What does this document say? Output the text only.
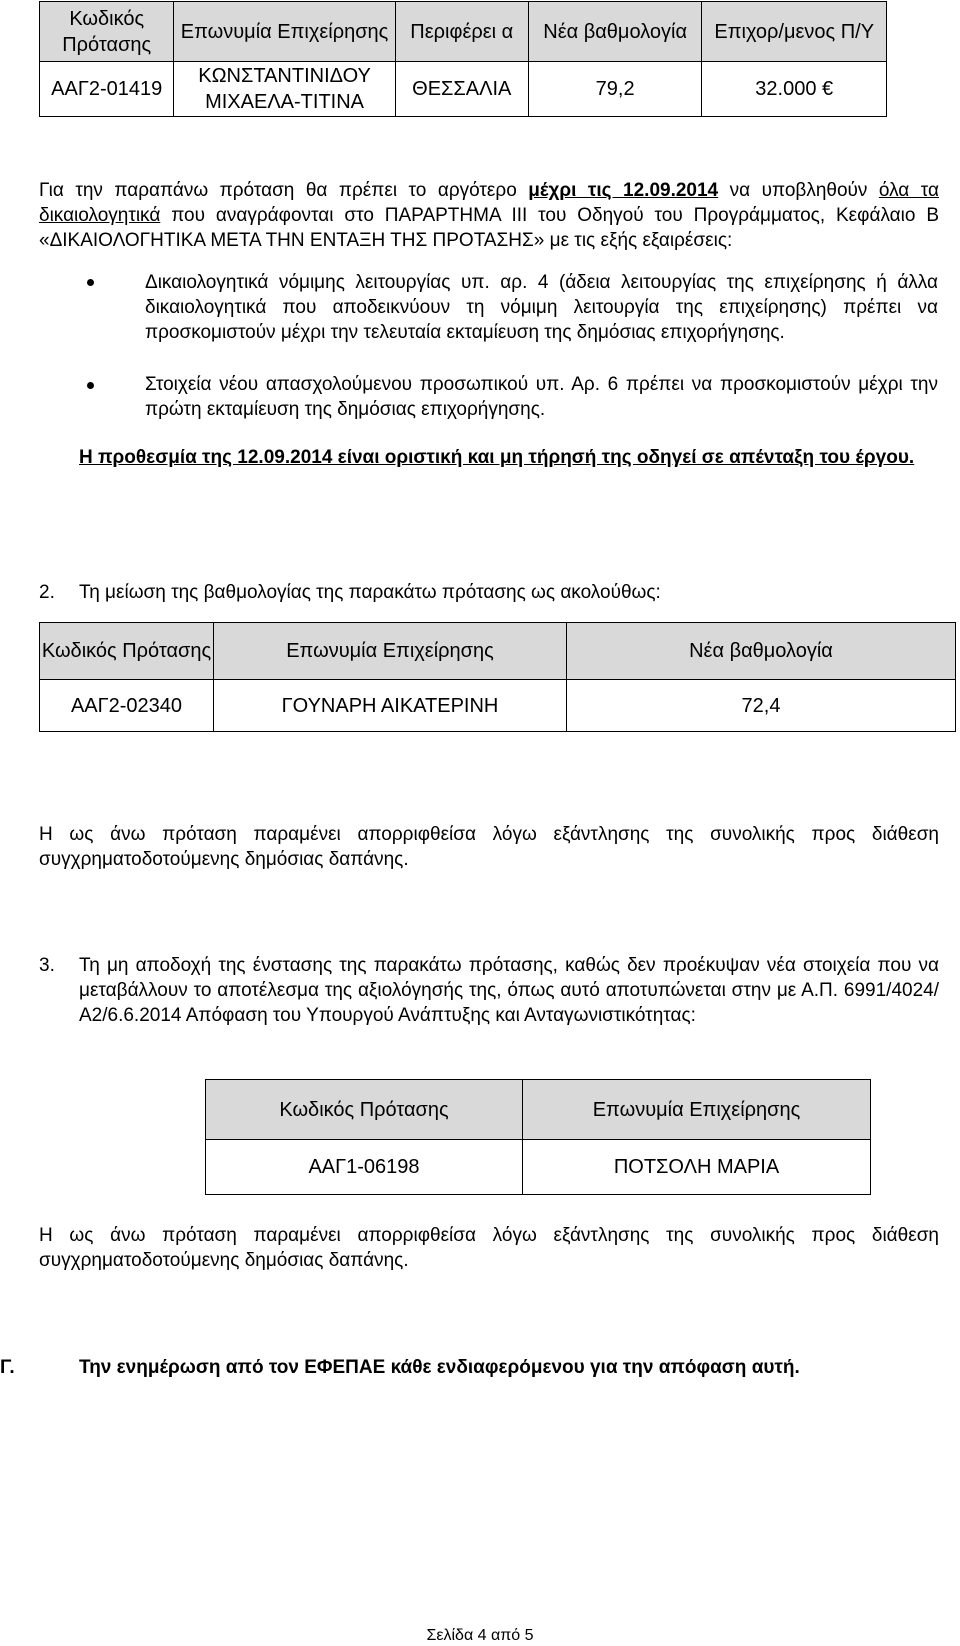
Κωδικός Πρότασης	Επωνυμία Επιχείρησης	Περιφέρει α	Νέα βαθμολογία	Επιχορ/μενος Π/Υ
ΑΑΓ2-01419	ΚΩΝΣΤΑΝΤΙΝΙΔΟΥ ΜΙΧΑΕΛΑ-ΤΙΤΙΝΑ	ΘΕΣΣΑΛΙΑ	79,2	32.000 €

Για την παραπάνω πρόταση θα πρέπει το αργότερο μέχρι τις 12.09.2014 να υποβληθούν όλα τα δικαιολογητικά που αναγράφονται στο ΠΑΡΑΡΤΗΜΑ ΙΙΙ του Οδηγού του Προγράμματος, Κεφάλαιο Β «ΔΙΚΑΙΟΛΟΓΗΤΙΚΑ ΜΕΤΑ ΤΗΝ ΕΝΤΑΞΗ ΤΗΣ ΠΡΟΤΑΣΗΣ» με τις εξής εξαιρέσεις:

Δικαιολογητικά νόμιμης λειτουργίας υπ. αρ. 4 (άδεια λειτουργίας της επιχείρησης ή άλλα δικαιολογητικά που αποδεικνύουν τη νόμιμη λειτουργία της επιχείρησης) πρέπει να προσκομιστούν μέχρι την τελευταία εκταμίευση της δημόσιας επιχορήγησης.

Στοιχεία νέου απασχολούμενου προσωπικού υπ. Αρ. 6 πρέπει να προσκομιστούν μέχρι την πρώτη εκταμίευση της δημόσιας επιχορήγησης.

Η προθεσμία της 12.09.2014 είναι οριστική και μη τήρησή της οδηγεί σε απένταξη του έργου.

2. Τη μείωση της βαθμολογίας της παρακάτω πρότασης ως ακολούθως:

Κωδικός Πρότασης	Επωνυμία Επιχείρησης	Νέα βαθμολογία
ΑΑΓ2-02340	ΓΟΥΝΑΡΗ ΑΙΚΑΤΕΡΙΝΗ	72,4

Η ως άνω πρόταση παραμένει απορριφθείσα λόγω εξάντλησης της συνολικής προς διάθεση συγχρηματοδοτούμενης δημόσιας δαπάνης.

3. Τη μη αποδοχή της ένστασης της παρακάτω πρότασης, καθώς δεν προέκυψαν νέα στοιχεία που να μεταβάλλουν το αποτέλεσμα της αξιολόγησής της, όπως αυτό αποτυπώνεται στην με Α.Π. 6991/4024/Α2/6.6.2014 Απόφαση του Υπουργού Ανάπτυξης και Ανταγωνιστικότητας:

Κωδικός Πρότασης	Επωνυμία Επιχείρησης
ΑΑΓ1-06198	ΠΟΤΣΟΛΗ ΜΑΡΙΑ

Η ως άνω πρόταση παραμένει απορριφθείσα λόγω εξάντλησης της συνολικής προς διάθεση συγχρηματοδοτούμενης δημόσιας δαπάνης.

Γ.	Την ενημέρωση από τον ΕΦΕΠΑΕ κάθε ενδιαφερόμενου για την απόφαση αυτή.

Σελίδα 4 από 5
